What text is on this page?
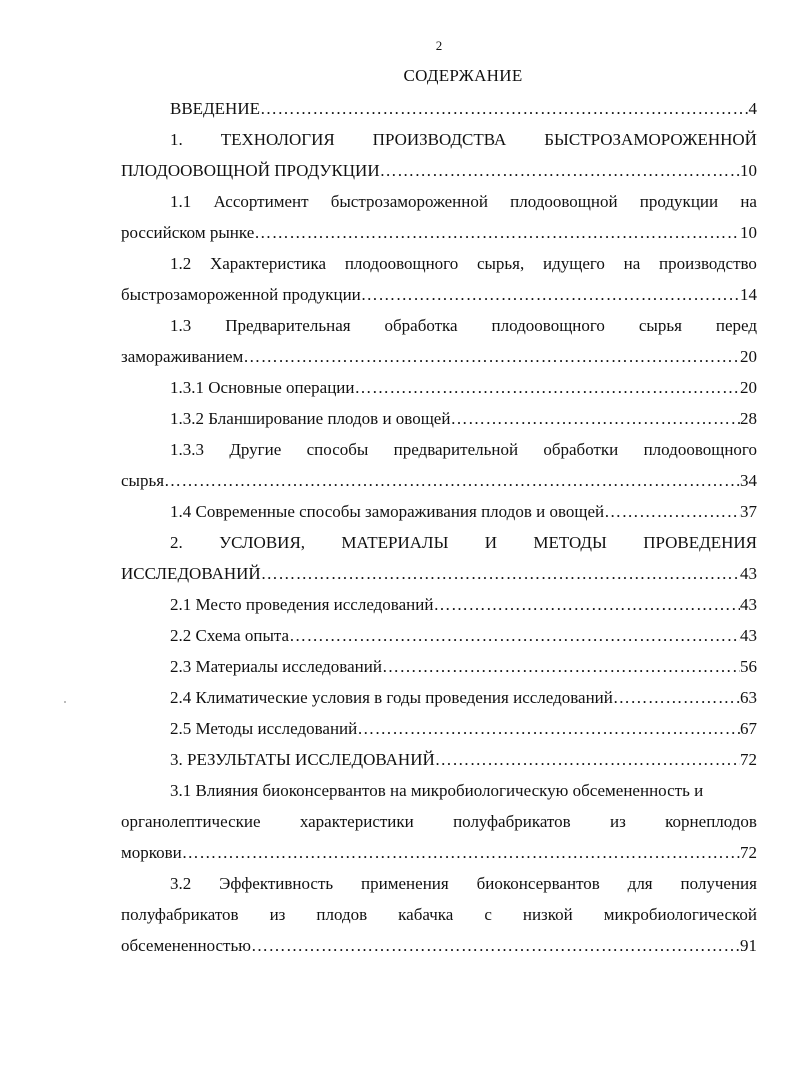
2
СОДЕРЖАНИЕ
ВВЕДЕНИЕ ……………………………………………………………………………………………………………………………………………………………………………………	4
1. ТЕХНОЛОГИЯ ПРОИЗВОДСТВА БЫСТРОЗАМОРОЖЕННОЙ
ПЛОДООВОЩНОЙ ПРОДУКЦИИ ……………………………………………………………………………………………………………………………………………………………………………………	10
1.1 Ассортимент быстрозамороженной плодоовощной продукции на
российском рынке ……………………………………………………………………………………………………………………………………………………………………………………	10
1.2 Характеристика плодоовощного сырья, идущего на производство
быстрозамороженной продукции ……………………………………………………………………………………………………………………………………………………………………………………	14
1.3 Предварительная обработка плодоовощного сырья перед
замораживанием ……………………………………………………………………………………………………………………………………………………………………………………	20
1.3.1 Основные операции ……………………………………………………………………………………………………………………………………………………………………………………	20
1.3.2 Бланширование плодов и овощей ……………………………………………………………………………………………………………………………………………………………………………………	28
1.3.3 Другие способы предварительной обработки плодоовощного
сырья ……………………………………………………………………………………………………………………………………………………………………………………	34
1.4 Современные способы замораживания плодов и овощей ……………………………………………………………………………………………………………………………………………………………………………………	37
2. УСЛОВИЯ, МАТЕРИАЛЫ И МЕТОДЫ ПРОВЕДЕНИЯ
ИССЛЕДОВАНИЙ ……………………………………………………………………………………………………………………………………………………………………………………	43
2.1 Место проведения исследований ……………………………………………………………………………………………………………………………………………………………………………………	43
2.2 Схема опыта ……………………………………………………………………………………………………………………………………………………………………………………	43
2.3 Материалы исследований ……………………………………………………………………………………………………………………………………………………………………………………	56
2.4 Климатические условия в годы проведения исследований ……………………………………………………………………………………………………………………………………………………………………………………	63
2.5 Методы исследований ……………………………………………………………………………………………………………………………………………………………………………………	67
3. РЕЗУЛЬТАТЫ ИССЛЕДОВАНИЙ ……………………………………………………………………………………………………………………………………………………………………………………	72
3.1 Влияния биоконсервантов на микробиологическую обсемененность и
органолептические характеристики полуфабрикатов из корнеплодов
моркови ……………………………………………………………………………………………………………………………………………………………………………………	72
3.2 Эффективность применения биоконсервантов для получения
полуфабрикатов из плодов кабачка с низкой микробиологической
обсемененностью ……………………………………………………………………………………………………………………………………………………………………………………	91
